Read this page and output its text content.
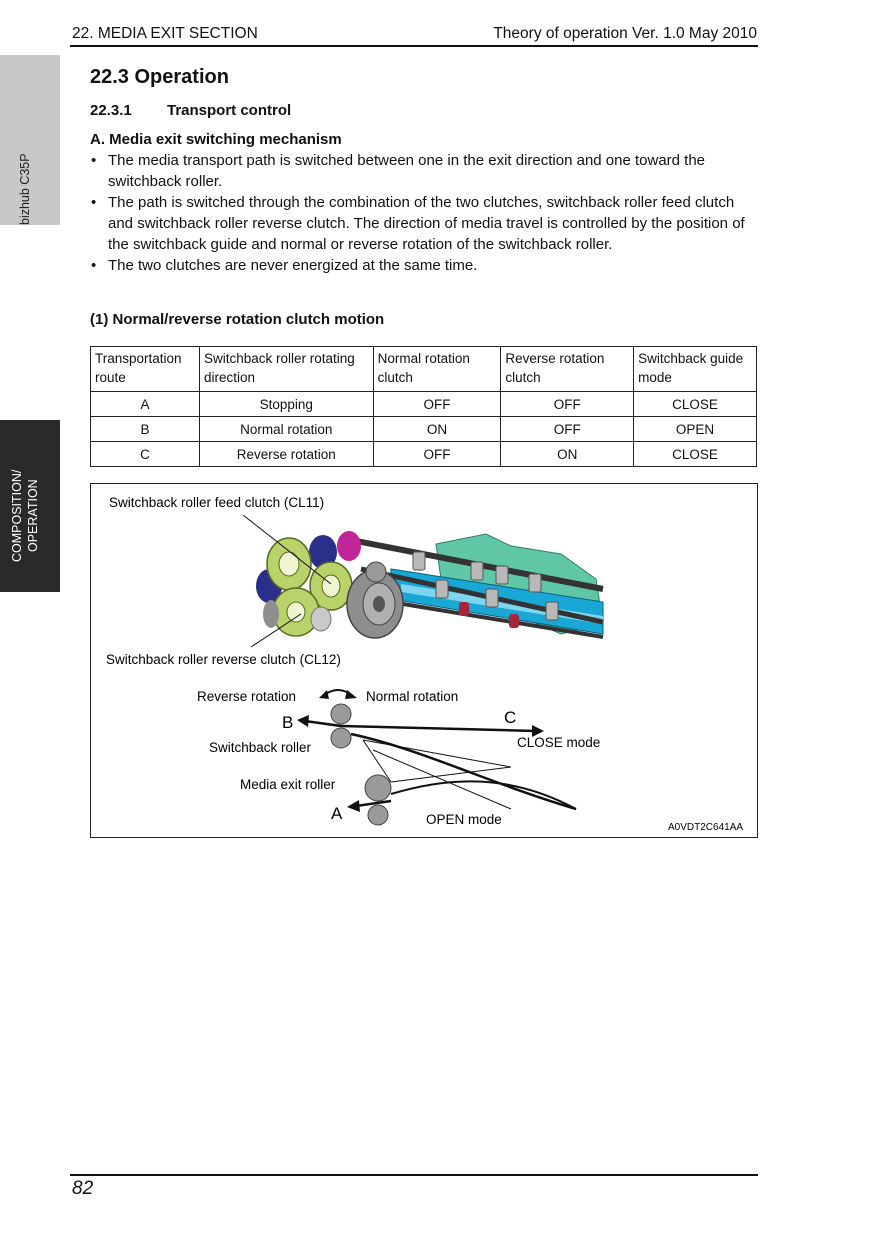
22. MEDIA EXIT SECTION	Theory of operation Ver. 1.0 May 2010
bizhub C35P
COMPOSITION/ OPERATION
22.3 Operation
22.3.1 Transport control
A. Media exit switching mechanism
• The media transport path is switched between one in the exit direction and one toward the switchback roller.
• The path is switched through the combination of the two clutches, switchback roller feed clutch and switchback roller reverse clutch. The direction of media travel is controlled by the position of the switchback guide and normal or reverse rotation of the switchback roller.
• The two clutches are never energized at the same time.
(1) Normal/reverse rotation clutch motion
Transportation route	Switchback roller rotating direction	Normal rotation clutch	Reverse rotation clutch	Switchback guide mode
A	Stopping	OFF	OFF	CLOSE
B	Normal rotation	ON	OFF	OPEN
C	Reverse rotation	OFF	ON	CLOSE
Switchback roller feed clutch (CL11)
Switchback roller reverse clutch (CL12)
Reverse rotation	Normal rotation
B	C
Switchback roller	CLOSE mode
Media exit roller
A	OPEN mode
A0VDT2C641AA
82
